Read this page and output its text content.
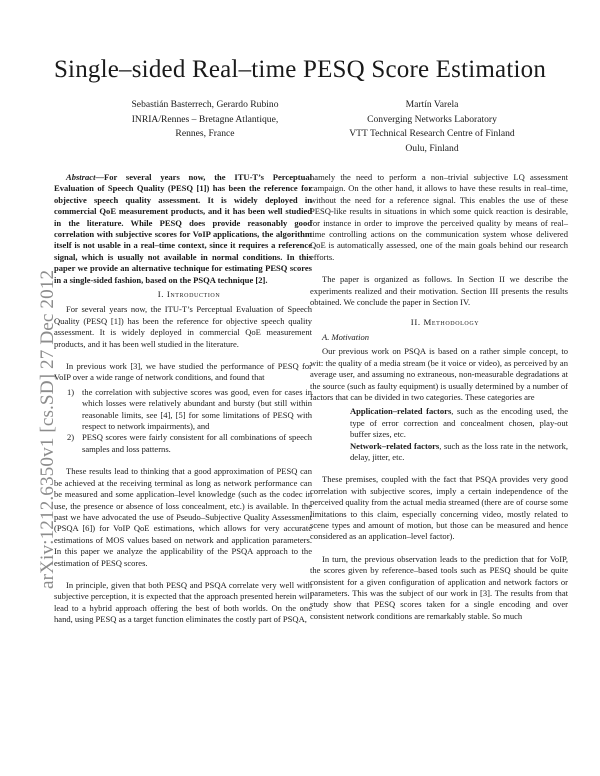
Single–sided Real–time PESQ Score Estimation
Sebastián Basterrech, Gerardo Rubino
INRIA/Rennes – Bretagne Atlantique,
Rennes, France
Martín Varela
Converging Networks Laboratory
VTT Technical Research Centre of Finland
Oulu, Finland
arXiv:1212.6350v1 [cs.SD] 27 Dec 2012

Abstract—For several years now, the ITU-T’s Perceptual Evaluation of Speech Quality (PESQ [1]) has been the reference for objective speech quality assessment. It is widely deployed in commercial QoE measurement products, and it has been well studied in the literature. While PESQ does provide reasonably good correlation with subjective scores for VoIP applications, the algorithm itself is not usable in a real–time context, since it requires a reference signal, which is usually not available in normal conditions. In this paper we provide an alternative technique for estimating PESQ scores in a single-sided fashion, based on the PSQA technique [2].

I. Introduction

For several years now, the ITU-T’s Perceptual Evaluation of Speech Quality (PESQ [1]) has been the reference for objective speech quality assessment. It is widely deployed in commercial QoE measurement products, and it has been well studied in the literature.

In previous work [3], we have studied the performance of PESQ for VoIP over a wide range of network conditions, and found that

1) the correlation with subjective scores was good, even for cases in which losses were relatively abundant and bursty (but still within reasonable limits, see [4], [5] for some limitations of PESQ with respect to network impairments), and
2) PESQ scores were fairly consistent for all combinations of speech samples and loss patterns.

These results lead to thinking that a good approximation of PESQ can be achieved at the receiving terminal as long as network performance can be measured and some application–level knowledge (such as the codec in use, the presence or absence of loss concealment, etc.) is available. In the past we have advocated the use of Pseudo–Subjective Quality Assessment (PSQA [6]) for VoIP QoE estimations, which allows for very accurate estimations of MOS values based on network and application parameters. In this paper we analyze the applicability of the PSQA approach to the estimation of PESQ scores.

In principle, given that both PESQ and PSQA correlate very well with subjective perception, it is expected that the approach presented herein will lead to a hybrid approach offering the best of both worlds. On the one hand, using PESQ as a target function eliminates the costly part of PSQA,

namely the need to perform a non–trivial subjective LQ assessment campaign. On the other hand, it allows to have these results in real–time, without the need for a reference signal. This enables the use of these PESQ-like results in situations in which some quick reaction is desirable, for instance in order to improve the perceived quality by means of real–time controlling actions on the communication system whose delivered QoE is automatically assessed, one of the main goals behind our research efforts.

The paper is organized as follows. In Section II we describe the experiments realized and their motivation. Section III presents the results obtained. We conclude the paper in Section IV.

II. Methodology

A. Motivation

Our previous work on PSQA is based on a rather simple concept, to wit: the quality of a media stream (be it voice or video), as perceived by an average user, and assuming no extraneous, non-measurable degradations at the source (such as faulty equipment) is usually determined by a number of factors that can be divided in two categories. These categories are

Application–related factors, such as the encoding used, the type of error correction and concealment chosen, play-out buffer sizes, etc.

Network–related factors, such as the loss rate in the network, delay, jitter, etc.

These premises, coupled with the fact that PSQA provides very good correlation with subjective scores, imply a certain independence of the perceived quality from the actual media streamed (there are of course some limitations to this claim, especially concerning video, mostly related to scene types and amount of motion, but those can be measured and hence considered as an application–level factor).

In turn, the previous observation leads to the prediction that for VoIP, the scores given by reference–based tools such as PESQ should be quite consistent for a given configuration of application and network factors or parameters. This was the subject of our work in [3]. The results from that study show that PESQ scores taken for a single encoding and over consistent network conditions are remarkably stable. So much
